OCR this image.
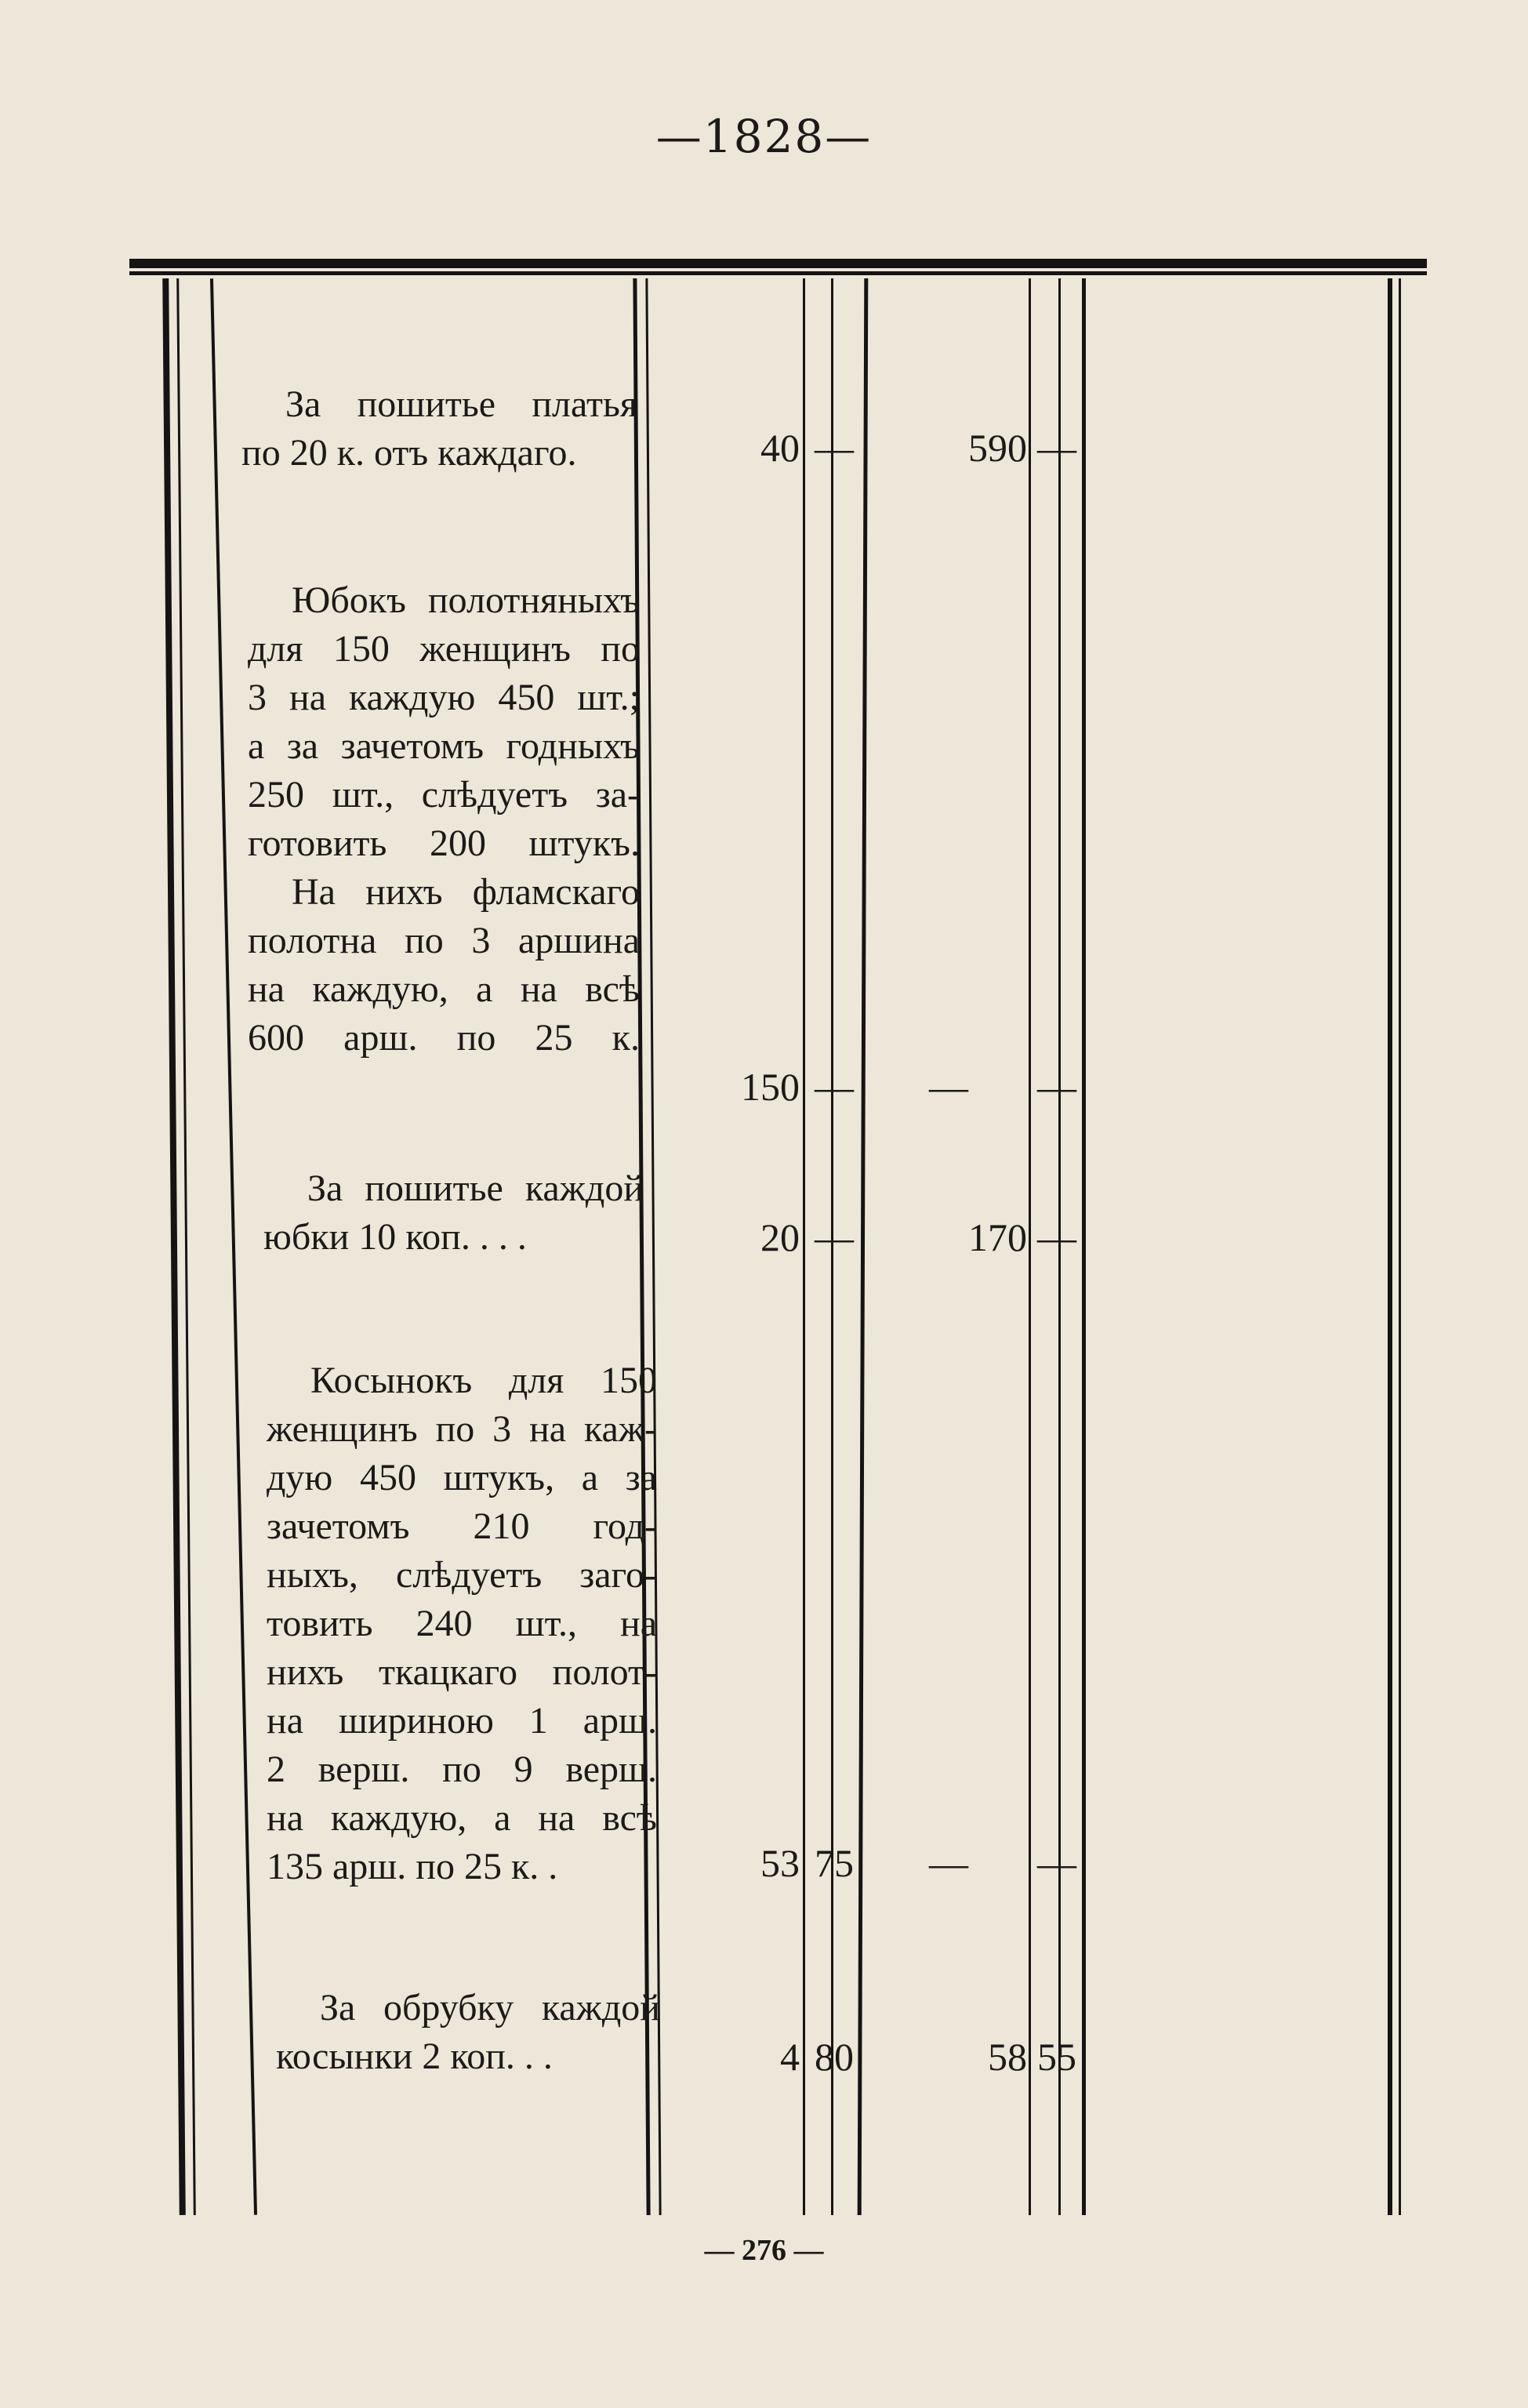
—1828—
За пошитье платья
по 20 к. отъ каждаго.	40 —	590 —
Юбокъ полотняныхъ
для 150 женщинъ по
3 на каждую 450 шт.;
а за зачетомъ годныхъ
250 шт., слѣдуетъ за-
готовить 200 штукъ.
На нихъ фламскаго
полотна по 3 аршина
на каждую, а на всѣ
600 арш. по 25 к.
150 —	—	—
За пошитье каждой
юбки 10 коп. . . .	20 —	170 —
Косынокъ для 150
женщинъ по 3 на каж-
дую 450 штукъ, а за
зачетомъ 210 год-
ныхъ, слѣдуетъ заго-
товить 240 шт., на
нихъ ткацкаго полот-
на шириною 1 арш.
2 верш. по 9 верш.
на каждую, а на всѣ
135 арш. по 25 к. .	53 75	—	—
За обрубку каждой
косынки 2 коп. . .	4 80	58 55
— 276 —
